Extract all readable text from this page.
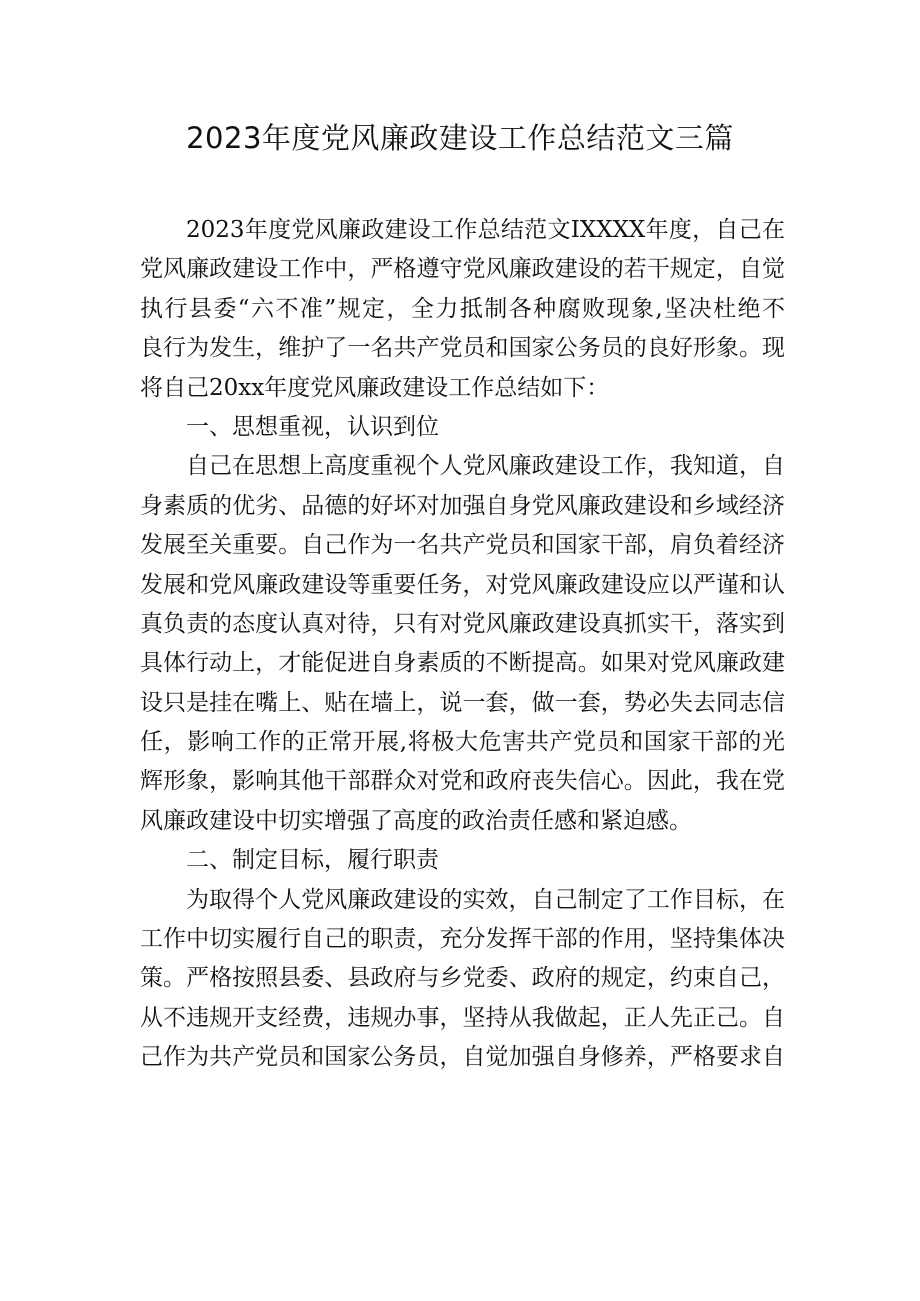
2023年度党风廉政建设工作总结范文三篇
2023年度党风廉政建设工作总结范文IXXXX年度，自己在
党风廉政建设工作中，严格遵守党风廉政建设的若干规定，自觉
执行县委“六不准”规定，全力抵制各种腐败现象,坚决杜绝不
良行为发生，维护了一名共产党员和国家公务员的良好形象。现
将自己20xx年度党风廉政建设工作总结如下：
一、思想重视，认识到位
自己在思想上高度重视个人党风廉政建设工作，我知道，自
身素质的优劣、品德的好坏对加强自身党风廉政建设和乡域经济
发展至关重要。自己作为一名共产党员和国家干部，肩负着经济
发展和党风廉政建设等重要任务，对党风廉政建设应以严谨和认
真负责的态度认真对待，只有对党风廉政建设真抓实干，落实到
具体行动上，才能促进自身素质的不断提高。如果对党风廉政建
设只是挂在嘴上、贴在墙上，说一套，做一套，势必失去同志信
任，影响工作的正常开展,将极大危害共产党员和国家干部的光
辉形象，影响其他干部群众对党和政府丧失信心。因此，我在党
风廉政建设中切实增强了高度的政治责任感和紧迫感。
二、制定目标，履行职责
为取得个人党风廉政建设的实效，自己制定了工作目标，在
工作中切实履行自己的职责，充分发挥干部的作用，坚持集体决
策。严格按照县委、县政府与乡党委、政府的规定，约束自己，
从不违规开支经费，违规办事，坚持从我做起，正人先正己。自
己作为共产党员和国家公务员，自觉加强自身修养，严格要求自
